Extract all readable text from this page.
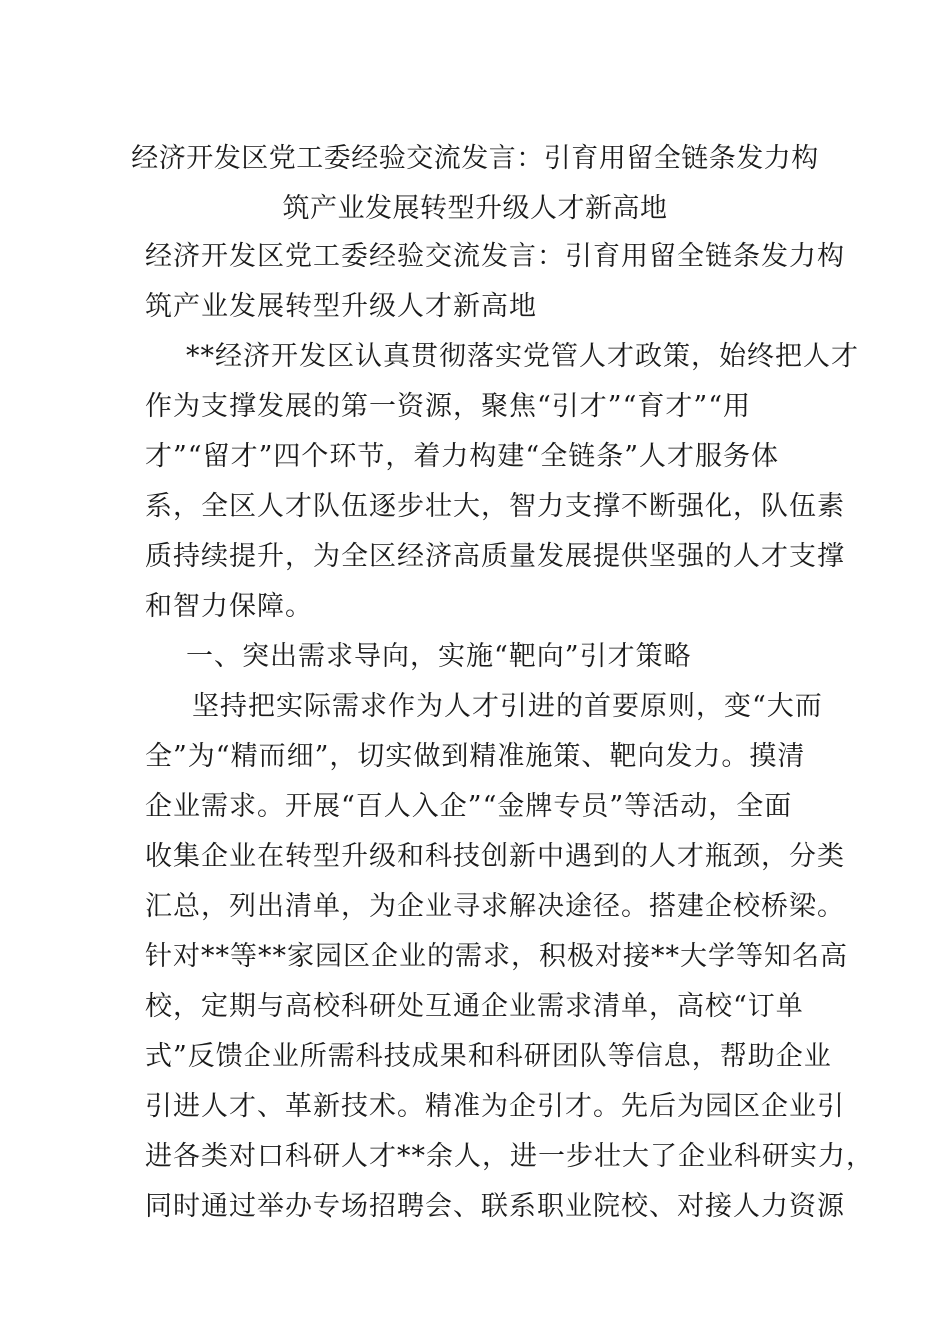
经济开发区党工委经验交流发言：引育用留全链条发力构
筑产业发展转型升级人才新高地
经济开发区党工委经验交流发言：引育用留全链条发力构
筑产业发展转型升级人才新高地
**经济开发区认真贯彻落实党管人才政策，始终把人才
作为支撑发展的第一资源，聚焦“引才”“育才”“用
才”“留才”四个环节，着力构建“全链条”人才服务体
系，全区人才队伍逐步壮大，智力支撑不断强化，队伍素
质持续提升，为全区经济高质量发展提供坚强的人才支撑
和智力保障。
一、突出需求导向，实施“靶向”引才策略
坚持把实际需求作为人才引进的首要原则，变“大而
全”为“精而细”，切实做到精准施策、靶向发力。摸清
企业需求。开展“百人入企”“金牌专员”等活动，全面
收集企业在转型升级和科技创新中遇到的人才瓶颈，分类
汇总，列出清单，为企业寻求解决途径。搭建企校桥梁。
针对**等**家园区企业的需求，积极对接**大学等知名高
校，定期与高校科研处互通企业需求清单，高校“订单
式”反馈企业所需科技成果和科研团队等信息，帮助企业
引进人才、革新技术。精准为企引才。先后为园区企业引
进各类对口科研人才**余人，进一步壮大了企业科研实力，
同时通过举办专场招聘会、联系职业院校、对接人力资源
